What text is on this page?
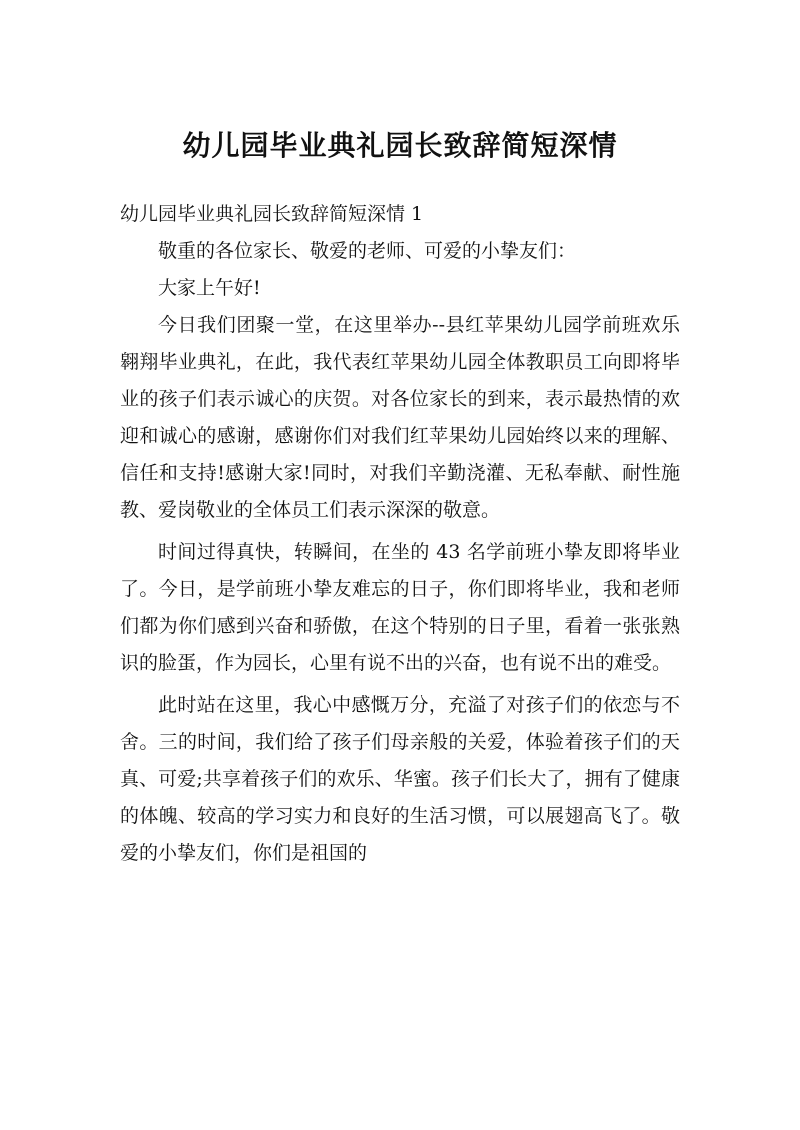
幼儿园毕业典礼园长致辞简短深情

幼儿园毕业典礼园长致辞简短深情 1

敬重的各位家长、敬爱的老师、可爱的小挚友们：

大家上午好!

今日我们团聚一堂，在这里举办--县红苹果幼儿园学前班欢乐翱翔毕业典礼，在此，我代表红苹果幼儿园全体教职员工向即将毕业的孩子们表示诚心的庆贺。对各位家长的到来，表示最热情的欢迎和诚心的感谢，感谢你们对我们红苹果幼儿园始终以来的理解、信任和支持!感谢大家!同时，对我们辛勤浇灌、无私奉献、耐性施教、爱岗敬业的全体员工们表示深深的敬意。

时间过得真快，转瞬间，在坐的 43 名学前班小挚友即将毕业了。今日，是学前班小挚友难忘的日子，你们即将毕业，我和老师们都为你们感到兴奋和骄傲，在这个特别的日子里，看着一张张熟识的脸蛋，作为园长，心里有说不出的兴奋，也有说不出的难受。

此时站在这里，我心中感慨万分，充溢了对孩子们的依恋与不舍。三的时间，我们给了孩子们母亲般的关爱，体验着孩子们的天真、可爱;共享着孩子们的欢乐、华蜜。孩子们长大了，拥有了健康的体魄、较高的学习实力和良好的生活习惯，可以展翅高飞了。敬爱的小挚友们，你们是祖国的
